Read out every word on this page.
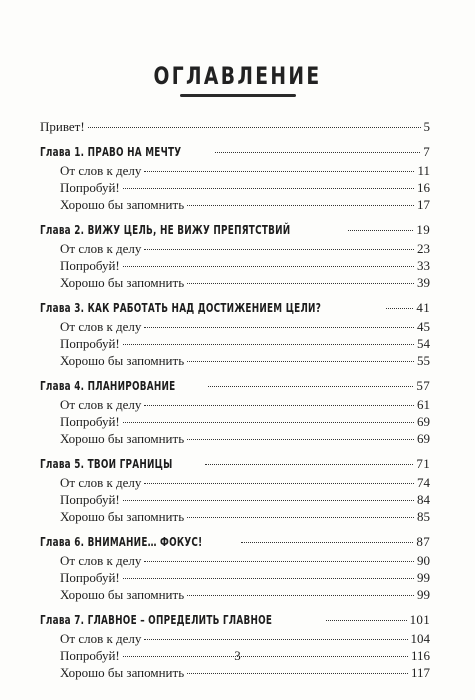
ОГЛАВЛЕНИЕ
Привет!	5
Глава 1. ПРАВО НА МЕЧТУ	7
От слов к делу	11
Попробуй!	16
Хорошо бы запомнить	17
Глава 2. ВИЖУ ЦЕЛЬ, НЕ ВИЖУ ПРЕПЯТСТВИЙ	19
От слов к делу	23
Попробуй!	33
Хорошо бы запомнить	39
Глава 3. КАК РАБОТАТЬ НАД ДОСТИЖЕНИЕМ ЦЕЛИ?	41
От слов к делу	45
Попробуй!	54
Хорошо бы запомнить	55
Глава 4. ПЛАНИРОВАНИЕ	57
От слов к делу	61
Попробуй!	69
Хорошо бы запомнить	69
Глава 5. ТВОИ ГРАНИЦЫ	71
От слов к делу	74
Попробуй!	84
Хорошо бы запомнить	85
Глава 6. ВНИМАНИЕ… ФОКУС!	87
От слов к делу	90
Попробуй!	99
Хорошо бы запомнить	99
Глава 7. ГЛАВНОЕ – ОПРЕДЕЛИТЬ ГЛАВНОЕ	101
От слов к делу	104
Попробуй!	116
Хорошо бы запомнить	117
3
